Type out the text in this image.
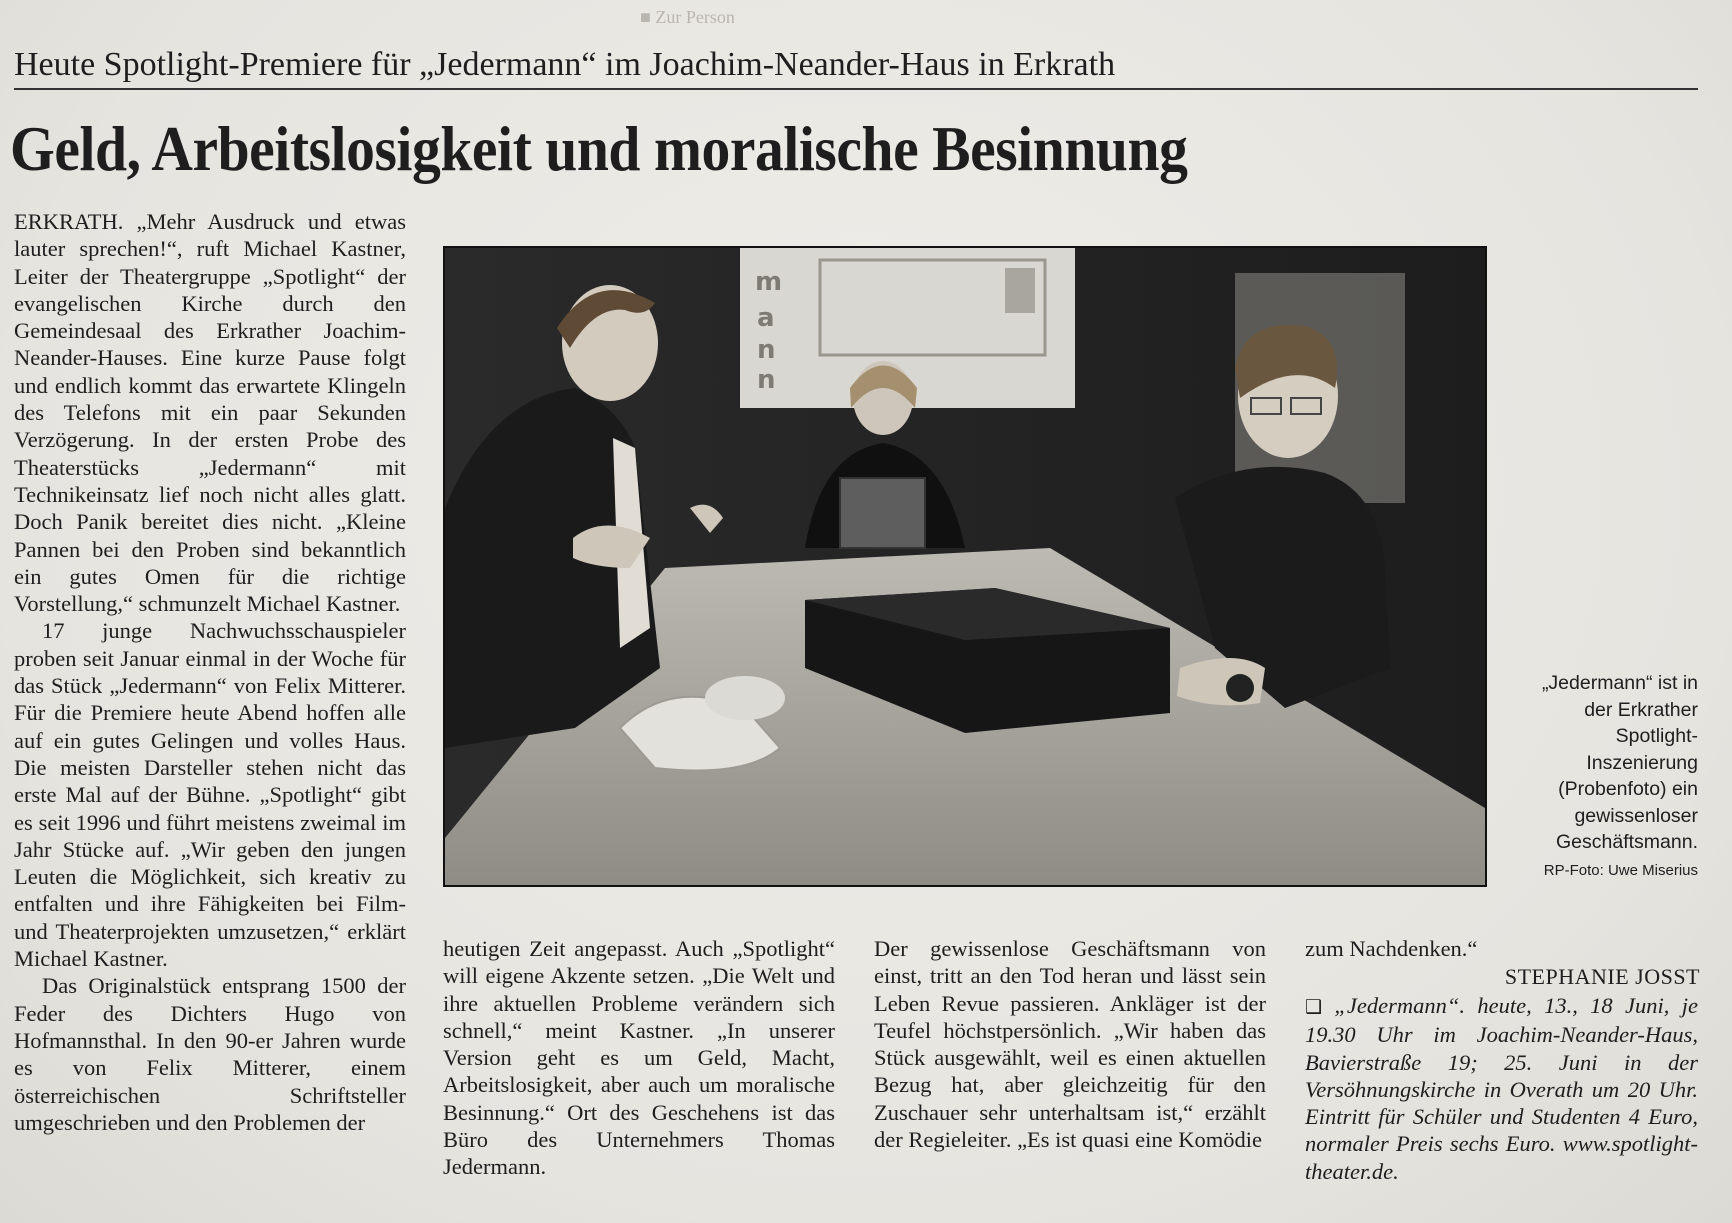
■ Zur Person
Heute Spotlight-Premiere für „Jedermann“ im Joachim-Neander-Haus in Erkrath
Geld, Arbeitslosigkeit und moralische Besinnung

ERKRATH. „Mehr Ausdruck und etwas lauter sprechen!“, ruft Michael Kastner, Leiter der Theatergruppe „Spotlight“ der evangelischen Kirche durch den Gemeindesaal des Erkrather Joachim-Neander-Hauses. Eine kurze Pause folgt und endlich kommt das erwartete Klingeln des Telefons mit ein paar Sekunden Verzögerung. In der ersten Probe des Theaterstücks „Jedermann“ mit Technikeinsatz lief noch nicht alles glatt. Doch Panik bereitet dies nicht. „Kleine Pannen bei den Proben sind bekanntlich ein gutes Omen für die richtige Vorstellung,“ schmunzelt Michael Kastner.

17 junge Nachwuchsschauspieler proben seit Januar einmal in der Woche für das Stück „Jedermann“ von Felix Mitterer. Für die Premiere heute Abend hoffen alle auf ein gutes Gelingen und volles Haus. Die meisten Darsteller stehen nicht das erste Mal auf der Bühne. „Spotlight“ gibt es seit 1996 und führt meistens zweimal im Jahr Stücke auf. „Wir geben den jungen Leuten die Möglichkeit, sich kreativ zu entfalten und ihre Fähigkeiten bei Film- und Theaterprojekten umzusetzen,“ erklärt Michael Kastner.

Das Originalstück entsprang 1500 der Feder des Dichters Hugo von Hofmannsthal. In den 90-er Jahren wurde es von Felix Mitterer, einem österreichischen Schriftsteller umgeschrieben und den Problemen der

m
a
n
n
„Jedermann“ ist in der Erkrather Spotlight-Inszenierung (Probenfoto) ein gewissenloser Geschäftsmann.
RP-Foto: Uwe Miserius
heutigen Zeit angepasst. Auch „Spotlight“ will eigene Akzente setzen. „Die Welt und ihre aktuellen Probleme verändern sich schnell,“ meint Kastner. „In unserer Version geht es um Geld, Macht, Arbeitslosigkeit, aber auch um moralische Besinnung.“ Ort des Geschehens ist das Büro des Unternehmers Thomas Jedermann.
Der gewissenlose Geschäftsmann von einst, tritt an den Tod heran und lässt sein Leben Revue passieren. Ankläger ist der Teufel höchstpersönlich. „Wir haben das Stück ausgewählt, weil es einen aktuellen Bezug hat, aber gleichzeitig für den Zuschauer sehr unterhaltsam ist,“ erzählt der Regieleiter. „Es ist quasi eine Komödie
zum Nachdenken.“
STEPHANIE JOSST
❑ „Jedermann“. heute, 13., 18 Juni, je 19.30 Uhr im Joachim-Neander-Haus, Bavierstraße 19; 25. Juni in der Versöhnungskirche in Overath um 20 Uhr. Eintritt für Schüler und Studenten 4 Euro, normaler Preis sechs Euro. www.spotlight-theater.de.
